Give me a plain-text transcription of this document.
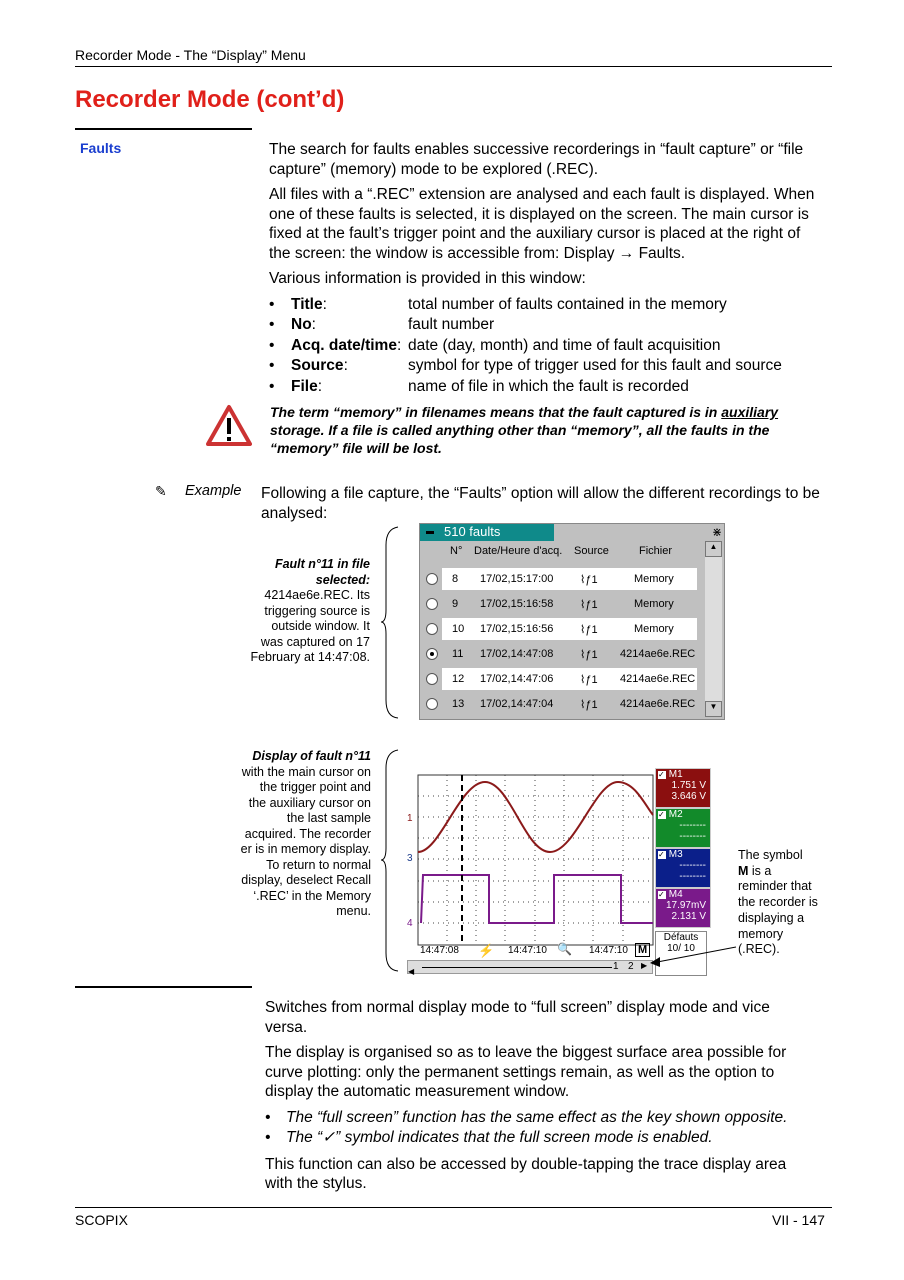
Recorder Mode - The “Display” Menu
Recorder Mode (cont’d)
Faults	The search for faults enables successive recorderings in “fault capture” or “file capture” (memory) mode to be explored (.REC).

All files with a “.REC” extension are analysed and each fault is displayed. When one of these faults is selected, it is displayed on the screen. The main cursor is fixed at the fault’s trigger point and the auxiliary cursor is placed at the right of the screen: the window is accessible from: Display → Faults.

Various information is provided in this window:

•	Title:	total number of faults contained in the memory
•	No:	fault number
•	Acq. date/time: date (day, month) and time of fault acquisition
•	Source:	symbol for type of trigger used for this fault and source
•	File:	name of file in which the fault is recorded
The term “memory” in filenames means that the fault captured is in auxiliary storage. If a file is called anything other than “memory”, all the faults in the “memory” file will be lost.
✎ Example Following a file capture, the “Faults” option will allow the different recordings to be analysed:
Fault n°11 in file selected:
4214ae6e.REC. Its triggering source is outside window. It was captured on 17 February at 14:47:08.
510 faults	⋇
N° Date/Heure d'acq. Source	Fichier
8 17/02,15:17:00 ⌇ƒ1	Memory
9 17/02,15:16:58 ⌇ƒ1	Memory
10 17/02,15:16:56 ⌇ƒ1	Memory
11 17/02,14:47:08 ⌇ƒ1 4214ae6e.REC
12 17/02,14:47:06 ⌇ƒ1 4214ae6e.REC
13 17/02,14:47:04 ⌇ƒ1 4214ae6e.REC
▲
▼
Display of fault n°11
with the main cursor on the trigger point and the auxiliary cursor on the last sample acquired. The recorder er is in memory display. To return to normal display, deselect Recall ‘.REC’ in the Memory menu.
1
3
4
✓ M1
1.751 V
3.646 V
✓ M2
--------
--------
✓ M3
--------
--------
✓ M4
17.97mV
2.131 V
Défauts
10/ 10
14:47:08 ⚡ 14:47:10 🔍 14:47:10 M
◀	1 2 ▶
The symbol
M is a reminder that the recorder is displaying a memory (.REC).

Switches from normal display mode to “full screen” display mode and vice versa.

The display is organised so as to leave the biggest surface area possible for curve plotting: only the permanent settings remain, as well as the option to display the automatic measurement window.

•	The “full screen” function has the same effect as the key shown opposite.
•	The “✓” symbol indicates that the full screen mode is enabled.

This function can also be accessed by double-tapping the trace display area with the stylus.

SCOPIX	VII - 147
